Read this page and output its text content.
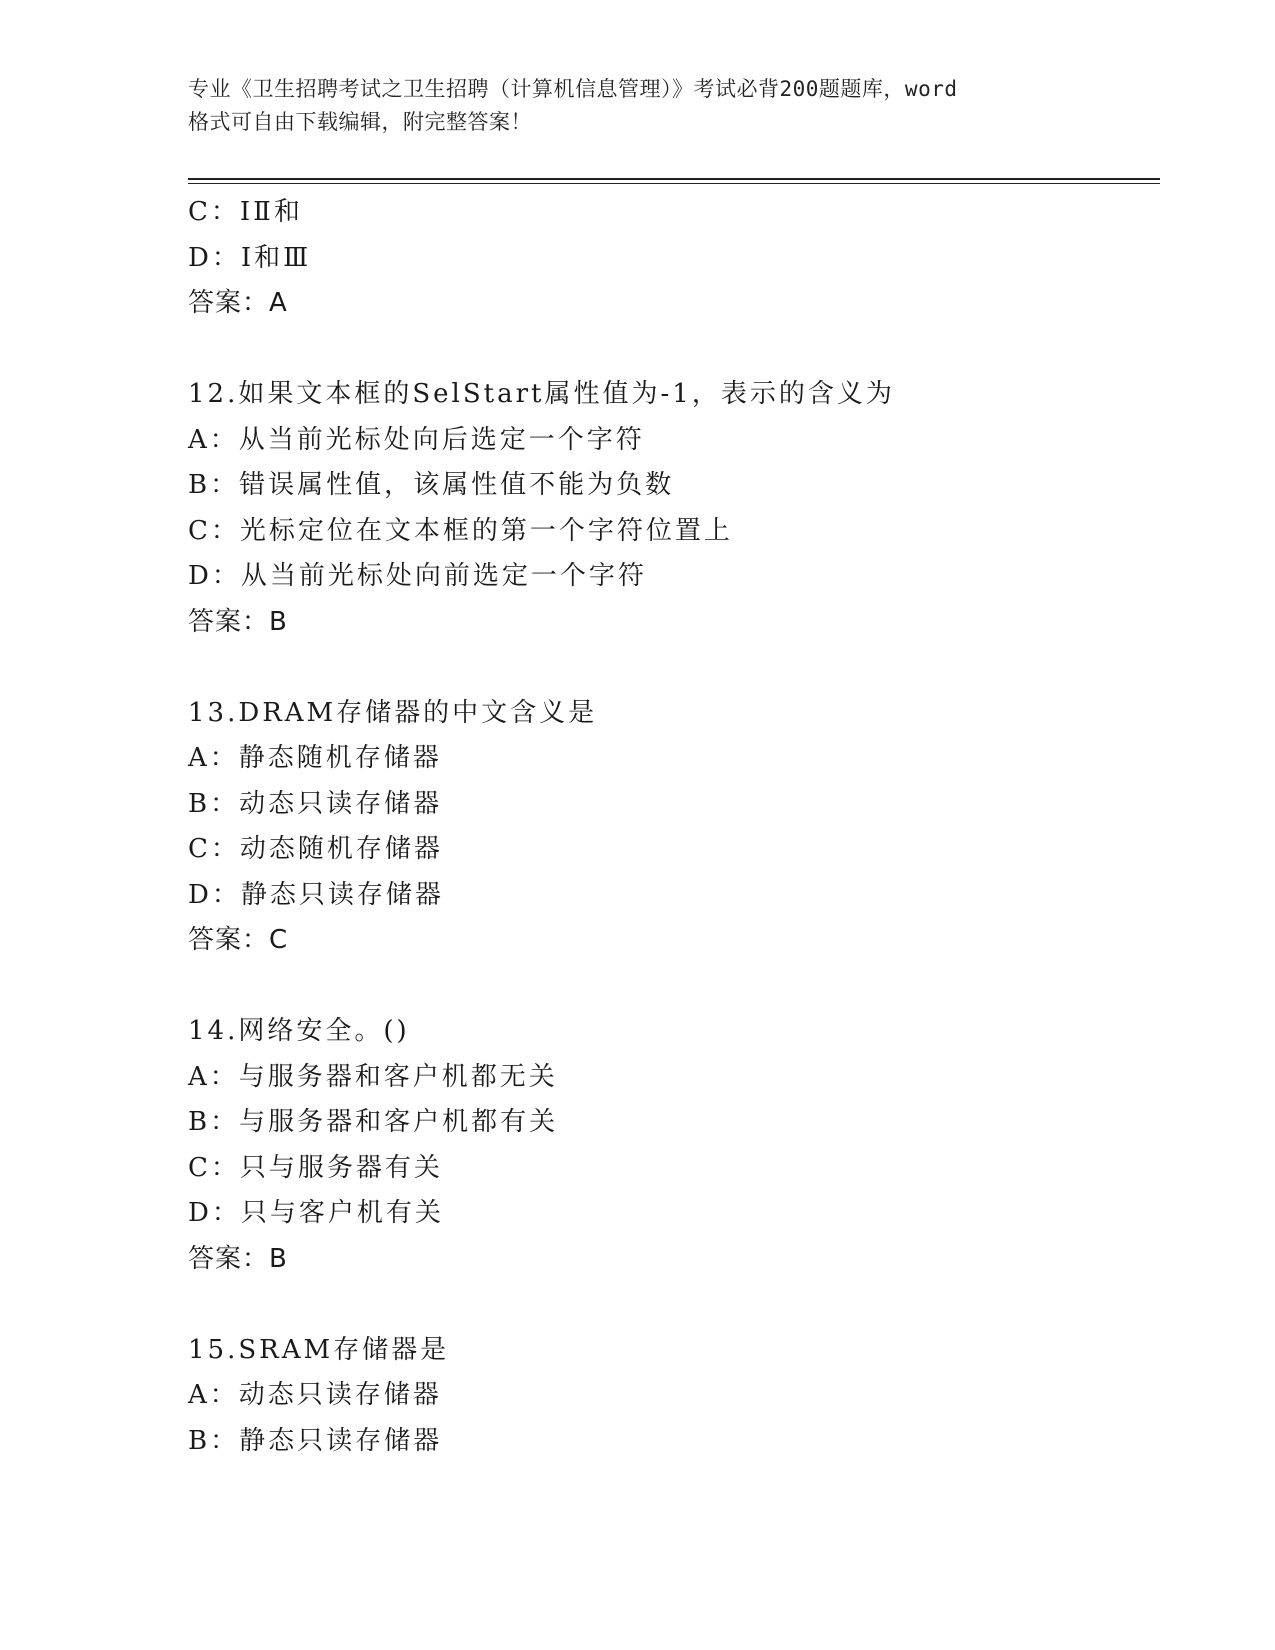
专业《卫生招聘考试之卫生招聘（计算机信息管理）》考试必背200题题库，word
格式可自由下载编辑，附完整答案！
C：ⅠⅡ和
D：Ⅰ和Ⅲ
答案：A
12.如果文本框的SelStart属性值为-1，表示的含义为
A：从当前光标处向后选定一个字符
B：错误属性值，该属性值不能为负数
C：光标定位在文本框的第一个字符位置上
D：从当前光标处向前选定一个字符
答案：B
13.DRAM存储器的中文含义是
A：静态随机存储器
B：动态只读存储器
C：动态随机存储器
D：静态只读存储器
答案：C
14.网络安全。()
A：与服务器和客户机都无关
B：与服务器和客户机都有关
C：只与服务器有关
D：只与客户机有关
答案：B
15.SRAM存储器是
A：动态只读存储器
B：静态只读存储器
